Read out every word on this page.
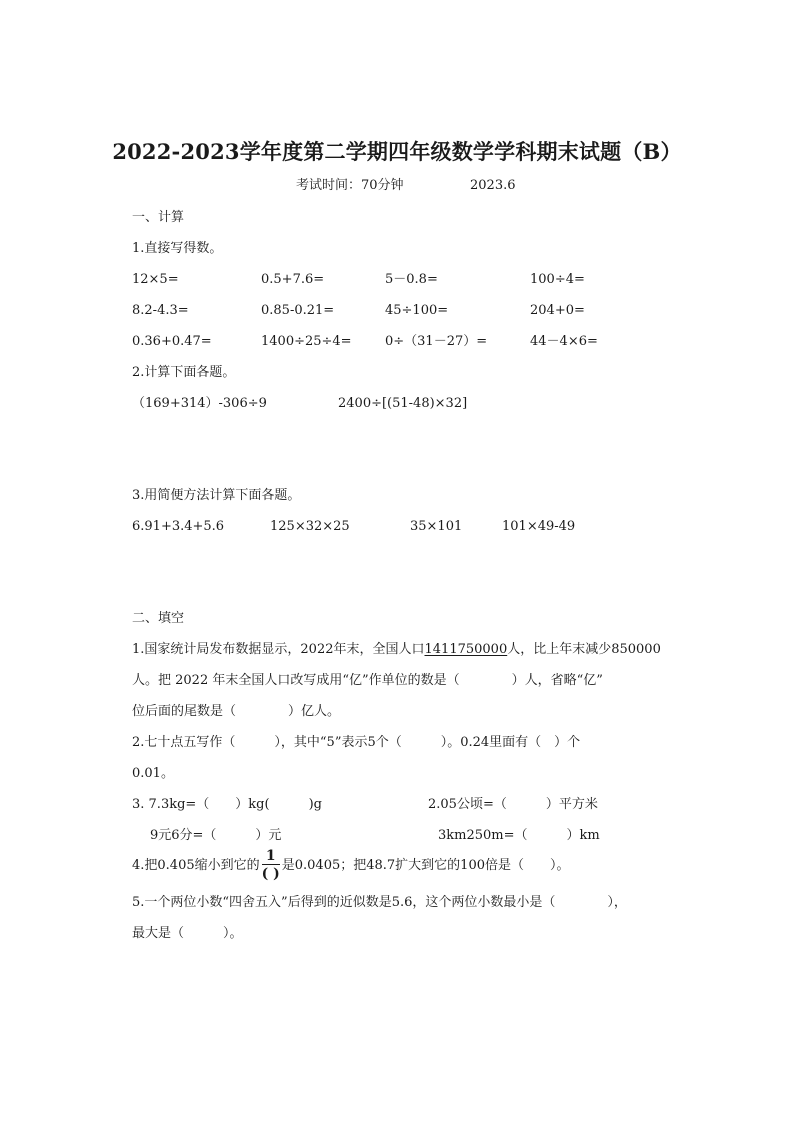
2022-2023学年度第二学期四年级数学学科期末试题（B）
考试时间：70分钟	2023.6
一、计算
1.直接写得数。
12×5=	0.5+7.6=	5－0.8=	100÷4=
8.2-4.3=	0.85-0.21=	45÷100=	204+0=
0.36+0.47=	1400÷25÷4=	0÷（31－27）=	44－4×6=
2.计算下面各题。
（169+314）-306÷9	2400÷[(51-48)×32]
3.用简便方法计算下面各题。
6.91+3.4+5.6	125×32×25	35×101	101×49-49
二、填空
1.国家统计局发布数据显示，2022年末，全国人口1411750000人，比上年末减少850000
人。把 2022 年末全国人口改写成用“亿”作单位的数是（　　　　）人，省略“亿”
位后面的尾数是（　　　　）亿人。
2.七十点五写作（　　　），其中“5”表示5个（　　　）。0.24里面有（　）个
0.01。
3. 7.3kg=（　　）kg(　　　)g	2.05公顷=（　　　）平方米
9元6分=（　　　）元	3km250m=（　　　）km
4.把0.405缩小到它的 $\frac{1}{( )}$ 是0.0405；把48.7扩大到它的100倍是（　　）。
5.一个两位小数“四舍五入”后得到的近似数是5.6，这个两位小数最小是（　　　　），
最大是（　　　）。
